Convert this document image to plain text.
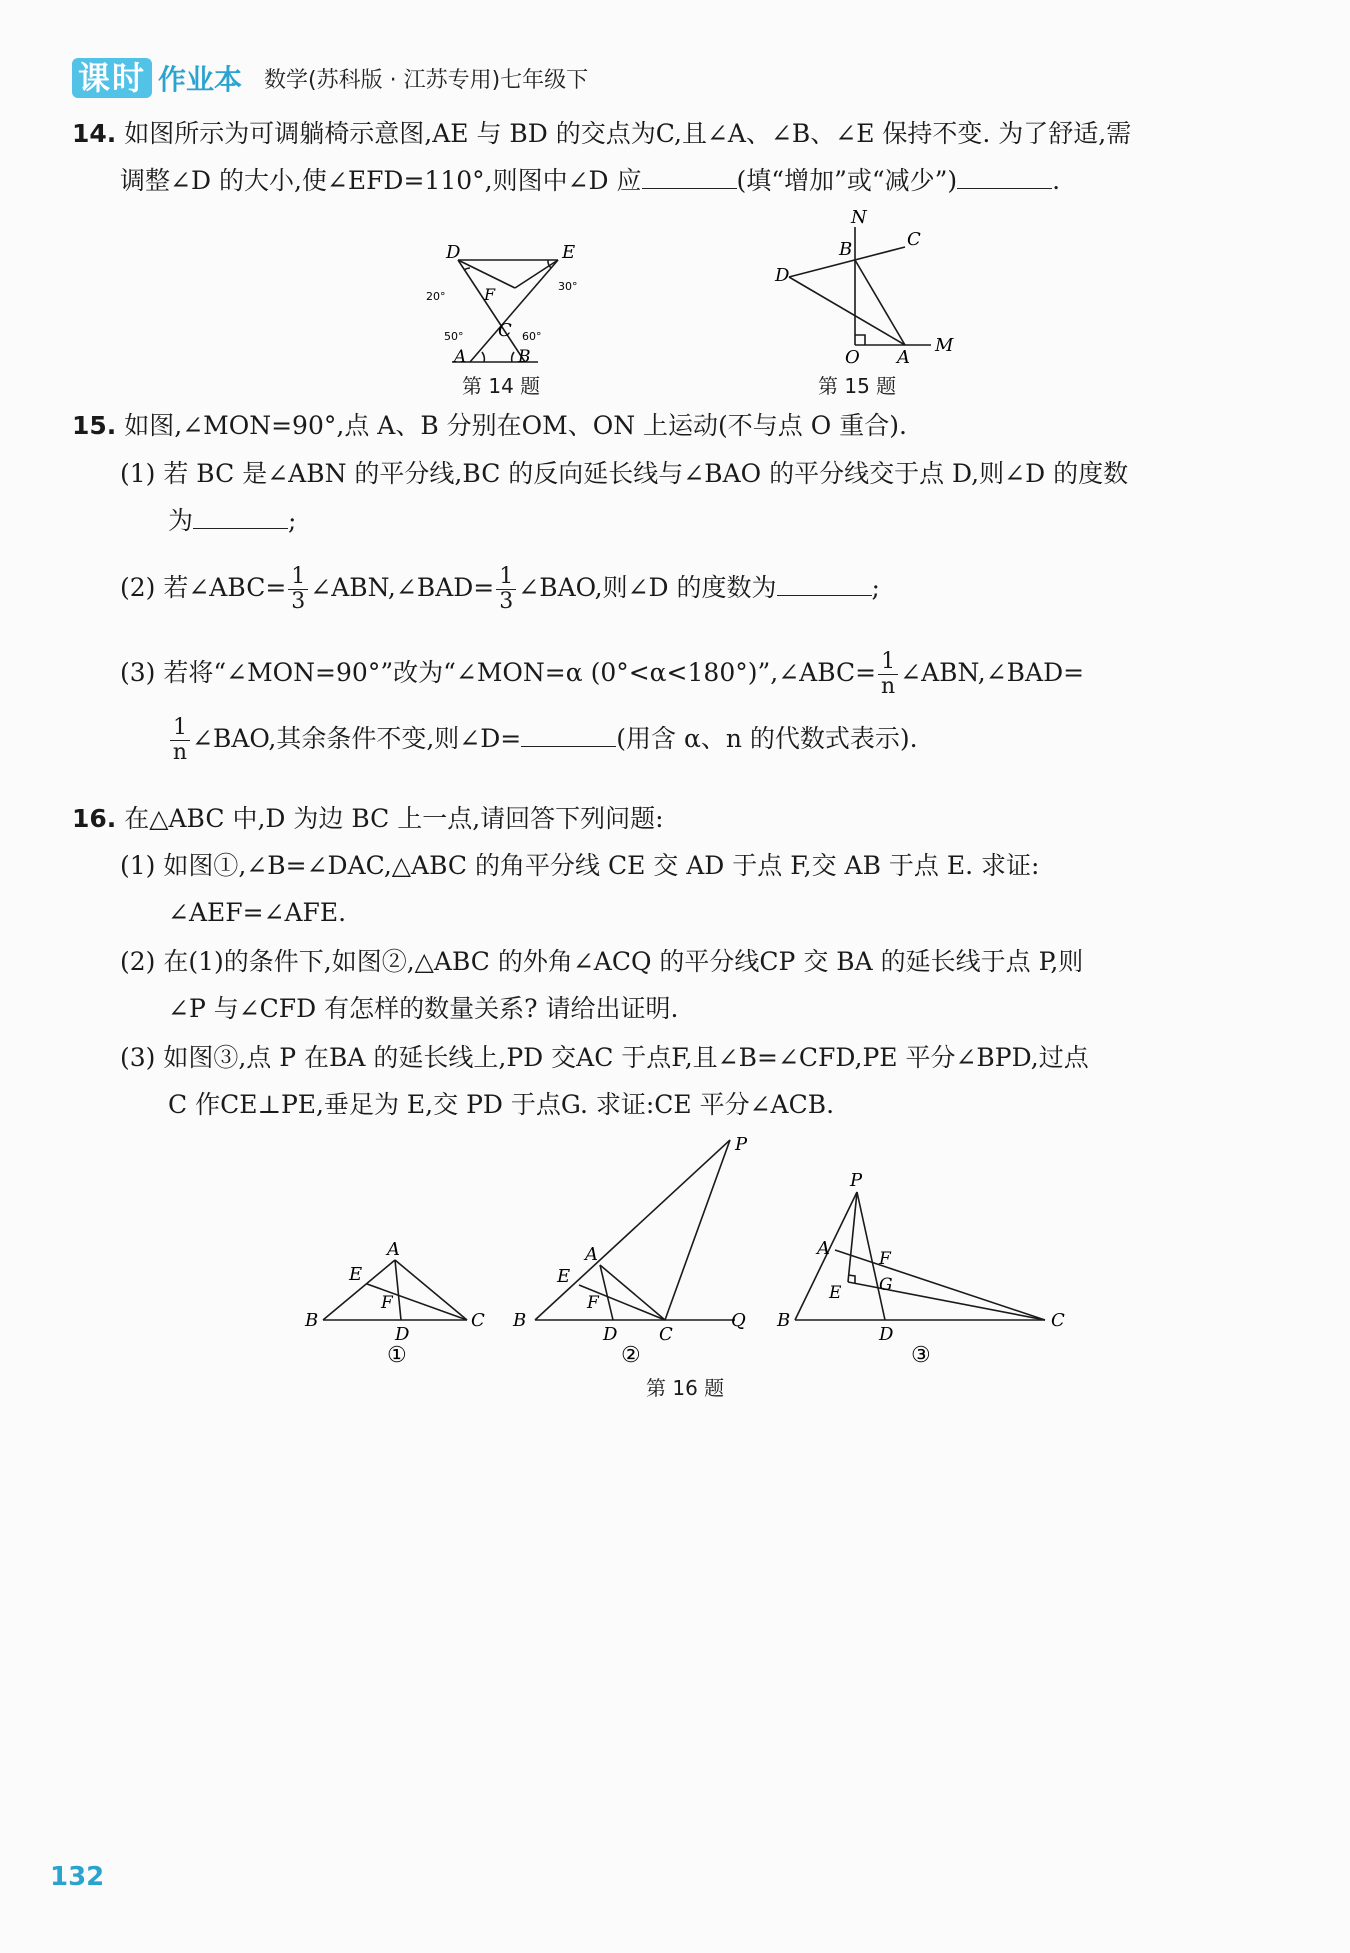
课时 作业本 数学(苏科版 · 江苏专用)七年级下
14. 如图所示为可调躺椅示意图,AE 与 BD 的交点为C,且∠A、∠B、∠E 保持不变. 为了舒适,需
调整∠D 的大小,使∠EFD=110°,则图中∠D 应	(填“增加”或“减少”)	.
D	E
F
C
A	B
20°
30°
50°	60°
第 14 题
N
C
B
D
O A
M
第 15 题
15. 如图,∠MON=90°,点 A、B 分别在OM、ON 上运动(不与点 O 重合).
(1) 若 BC 是∠ABN 的平分线,BC 的反向延长线与∠BAO 的平分线交于点 D,则∠D 的度数
为	;
(2) 若∠ABC= $\frac{1}{3}$ ∠ABN,∠BAD= $\frac{1}{3}$ ∠BAO,则∠D 的度数为	;
(3) 若将“∠MON=90°”改为“∠MON=α (0°<α<180°)”,∠ABC= $\frac{1}{n}$ ∠ABN,∠BAD=
$\frac{1}{n}$ ∠BAO,其余条件不变,则∠D=	(用含 α、n 的代数式表示).
16. 在△ABC 中,D 为边 BC 上一点,请回答下列问题:
(1) 如图①,∠B=∠DAC,△ABC 的角平分线 CE 交 AD 于点 F,交 AB 于点 E. 求证:
∠AEF=∠AFE.
(2) 在(1)的条件下,如图②,△ABC 的外角∠ACQ 的平分线CP 交 BA 的延长线于点 P,则
∠P 与∠CFD 有怎样的数量关系? 请给出证明.
(3) 如图③,点 P 在BA 的延长线上,PD 交AC 于点F,且∠B=∠CFD,PE 平分∠BPD,过点
C 作CE⊥PE,垂足为 E,交 PD 于点G. 求证:CE 平分∠ACB.
A
E
F
B
D
C
①
P
A
E
F
B
D C
Q
②
P
A	F
G
E
B
D
C
③
第 16 题
132
